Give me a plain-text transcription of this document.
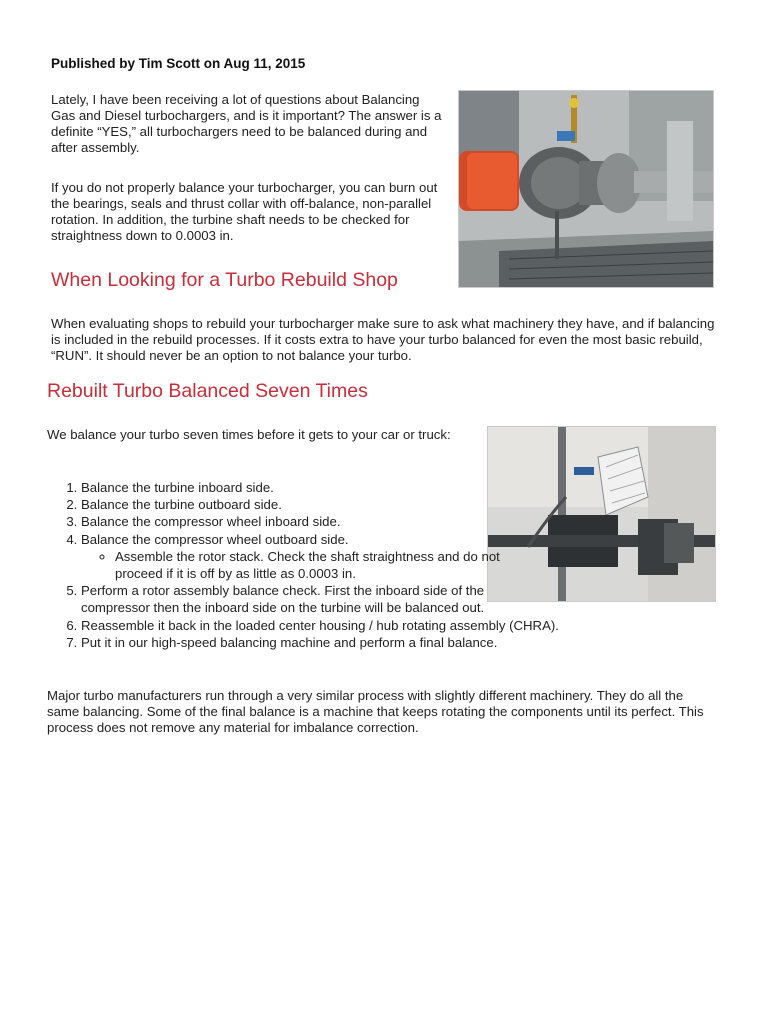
Published by Tim Scott on Aug 11, 2015

Lately, I have been receiving a lot of questions about Balancing Gas and Diesel turbochargers, and is it important? The answer is a definite “YES,” all turbochargers need to be balanced during and after assembly.

If you do not properly balance your turbocharger, you can burn out the bearings, seals and thrust collar with off-balance, non-parallel rotation. In addition, the turbine shaft needs to be checked for straightness down to 0.0003 in.

When Looking for a Turbo Rebuild Shop

When evaluating shops to rebuild your turbocharger make sure to ask what machinery they have, and if balancing is included in the rebuild processes. If it costs extra to have your turbo balanced for even the most basic rebuild, “RUN”. It should never be an option to not balance your turbo.

Rebuilt Turbo Balanced Seven Times

We balance your turbo seven times before it gets to your car or truck:

1. Balance the turbine inboard side.
2. Balance the turbine outboard side.
3. Balance the compressor wheel inboard side.
4. Balance the compressor wheel outboard side.
◦ Assemble the rotor stack. Check the shaft straightness and do not proceed if it is off by as little as 0.0003 in.
5. Perform a rotor assembly balance check. First the inboard side of the compressor then the inboard side on the turbine will be balanced out.
6. Reassemble it back in the loaded center housing / hub rotating assembly (CHRA).
7. Put it in our high-speed balancing machine and perform a final balance.

Major turbo manufacturers run through a very similar process with slightly different machinery. They do all the same balancing. Some of the final balance is a machine that keeps rotating the components until its perfect. This process does not remove any material for imbalance correction.
